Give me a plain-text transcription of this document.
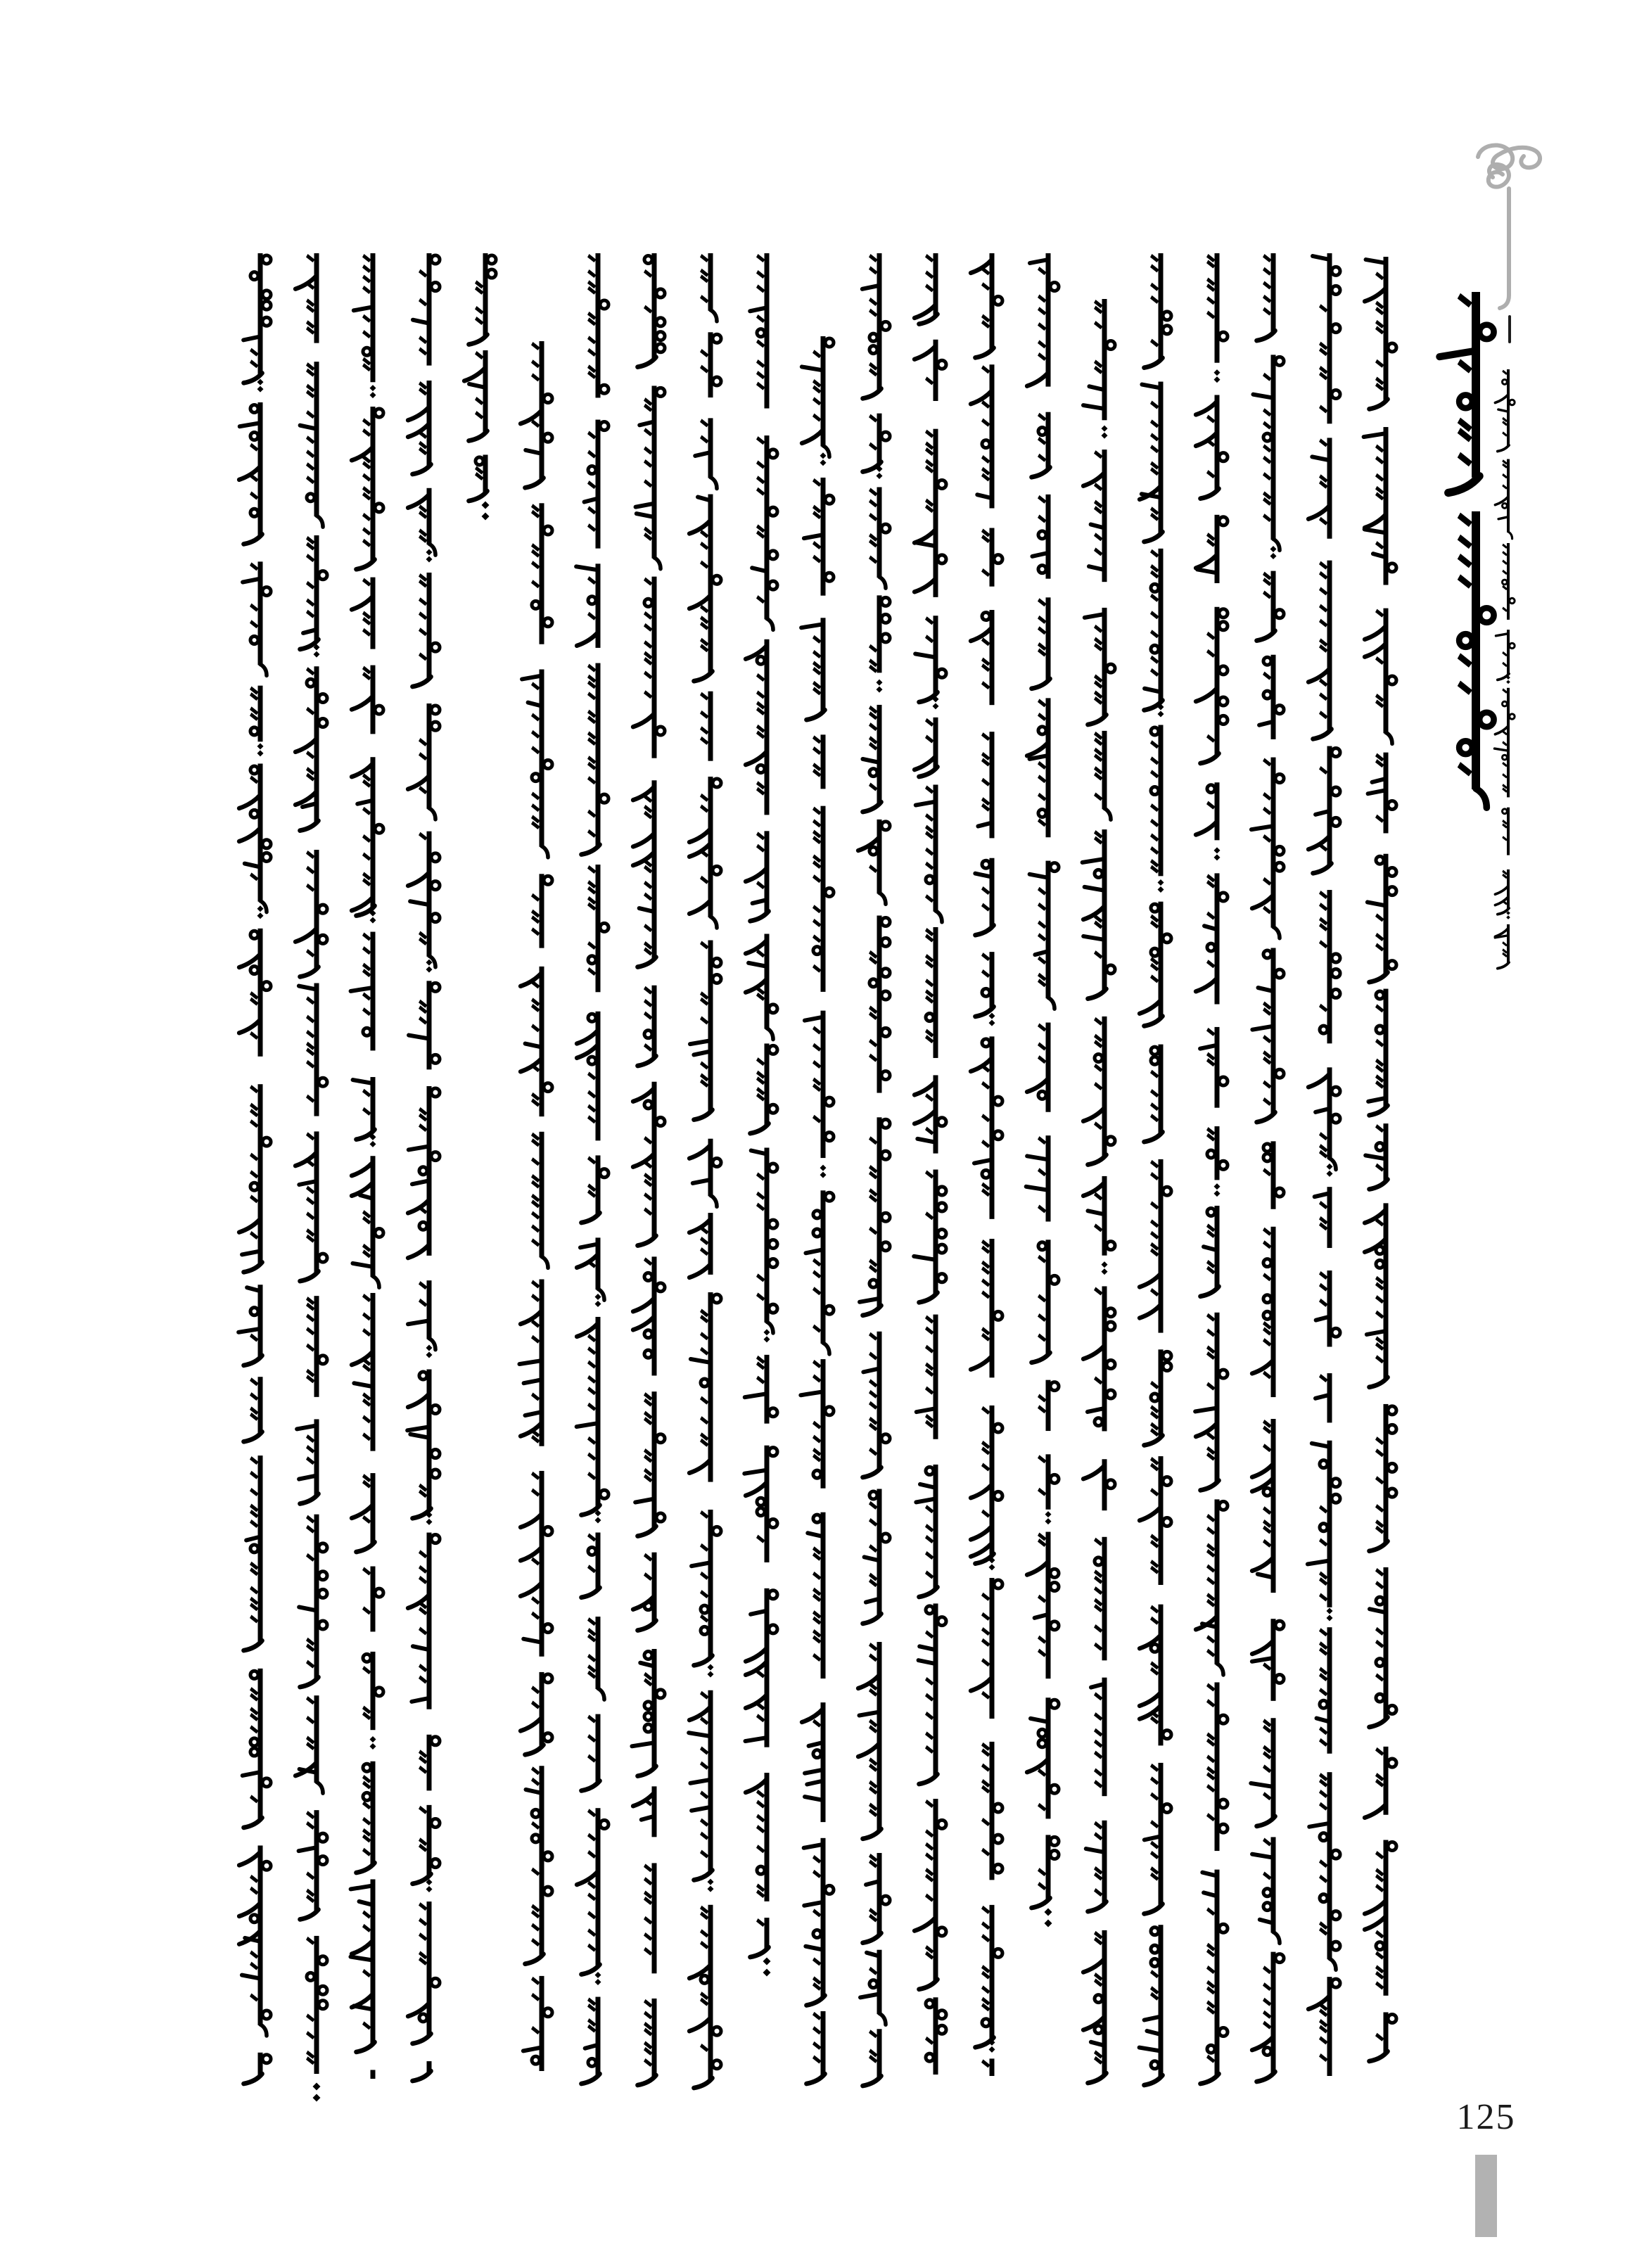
125
